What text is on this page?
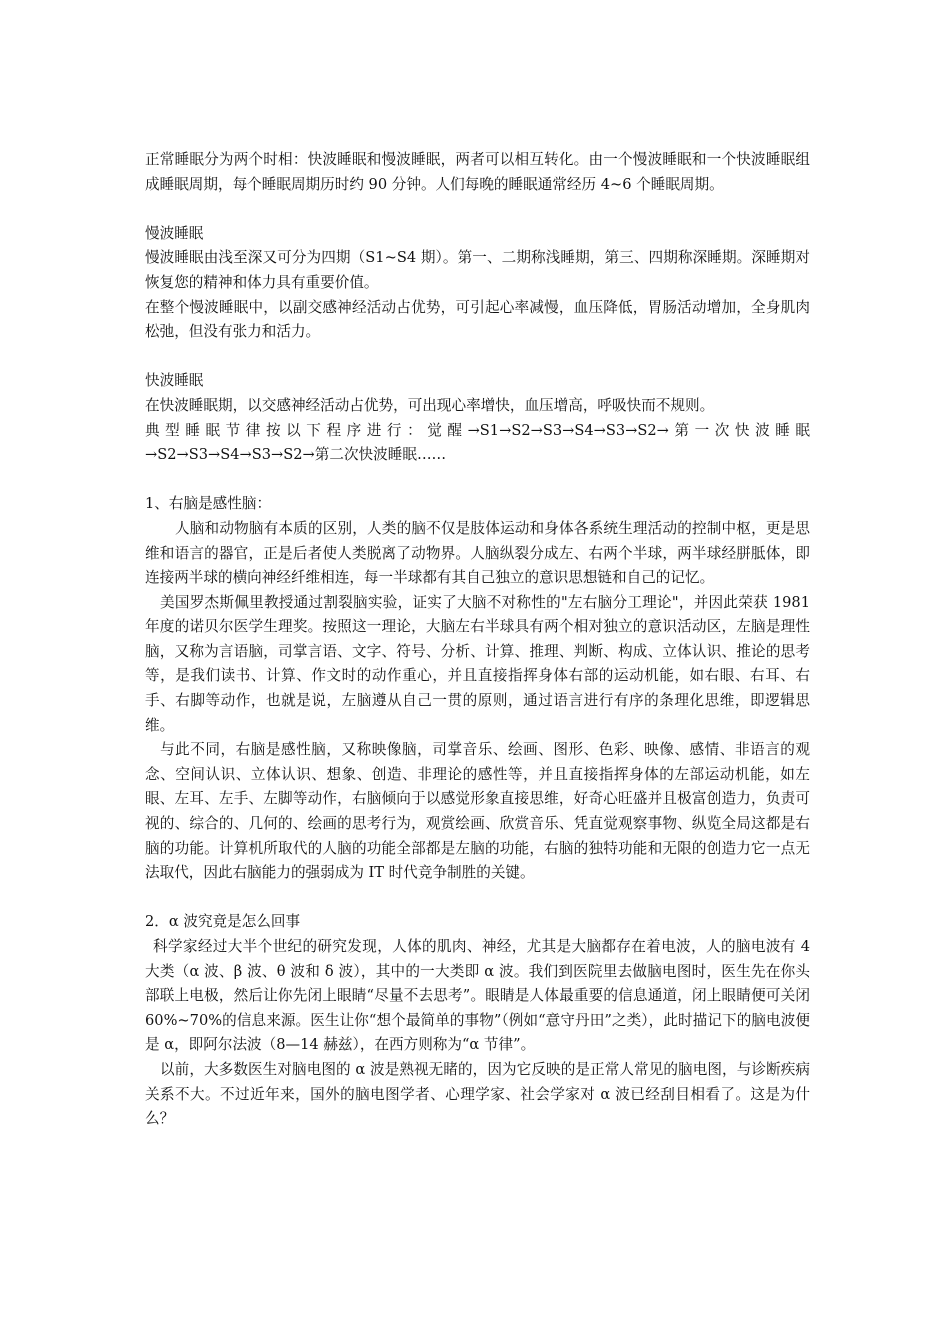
正常睡眠分为两个时相：快波睡眠和慢波睡眠，两者可以相互转化。由一个慢波睡眠和一个快波睡眠组成睡眠周期，每个睡眠周期历时约 90 分钟。人们每晚的睡眠通常经历 4~6 个睡眠周期。

慢波睡眠

慢波睡眠由浅至深又可分为四期（S1~S4 期）。第一、二期称浅睡期，第三、四期称深睡期。深睡期对恢复您的精神和体力具有重要价值。

在整个慢波睡眠中，以副交感神经活动占优势，可引起心率减慢，血压降低，胃肠活动增加，全身肌肉松弛，但没有张力和活力。

快波睡眠

在快波睡眠期，以交感神经活动占优势，可出现心率增快，血压增高，呼吸快而不规则。

典型睡眠节律按以下程序进行：觉醒→S1→S2→S3→S4→S3→S2→第一次快波睡眠→S2→S3→S4→S3→S2→第二次快波睡眠……

1、右脑是感性脑：

人脑和动物脑有本质的区别，人类的脑不仅是肢体运动和身体各系统生理活动的控制中枢，更是思维和语言的器官，正是后者使人类脱离了动物界。人脑纵裂分成左、右两个半球，两半球经胼胝体，即连接两半球的横向神经纤维相连，每一半球都有其自己独立的意识思想链和自己的记忆。

美国罗杰斯佩里教授通过割裂脑实验，证实了大脑不对称性的"左右脑分工理论"，并因此荣获 1981 年度的诺贝尔医学生理奖。按照这一理论，大脑左右半球具有两个相对独立的意识活动区，左脑是理性脑，又称为言语脑，司掌言语、文字、符号、分析、计算、推理、判断、构成、立体认识、推论的思考等，是我们读书、计算、作文时的动作重心，并且直接指挥身体右部的运动机能，如右眼、右耳、右手、右脚等动作，也就是说，左脑遵从自己一贯的原则，通过语言进行有序的条理化思维，即逻辑思维。

与此不同，右脑是感性脑，又称映像脑，司掌音乐、绘画、图形、色彩、映像、感情、非语言的观念、空间认识、立体认识、想象、创造、非理论的感性等，并且直接指挥身体的左部运动机能，如左眼、左耳、左手、左脚等动作，右脑倾向于以感觉形象直接思维，好奇心旺盛并且极富创造力，负责可视的、综合的、几何的、绘画的思考行为，观赏绘画、欣赏音乐、凭直觉观察事物、纵览全局这都是右脑的功能。计算机所取代的人脑的功能全部都是左脑的功能，右脑的独特功能和无限的创造力它一点无法取代，因此右脑能力的强弱成为 IT 时代竞争制胜的关键。

2．α 波究竟是怎么回事

科学家经过大半个世纪的研究发现，人体的肌肉、神经，尤其是大脑都存在着电波，人的脑电波有 4 大类（α 波、β 波、θ 波和 δ 波），其中的一大类即 α 波。我们到医院里去做脑电图时，医生先在你头部联上电极，然后让你先闭上眼睛“尽量不去思考”。眼睛是人体最重要的信息通道，闭上眼睛便可关闭 60%~70%的信息来源。医生让你“想个最简单的事物”（例如“意守丹田”之类），此时描记下的脑电波便是 α，即阿尔法波（8—14 赫兹），在西方则称为“α 节律”。

以前，大多数医生对脑电图的 α 波是熟视无睹的，因为它反映的是正常人常见的脑电图，与诊断疾病关系不大。不过近年来，国外的脑电图学者、心理学家、社会学家对 α 波已经刮目相看了。这是为什么？
